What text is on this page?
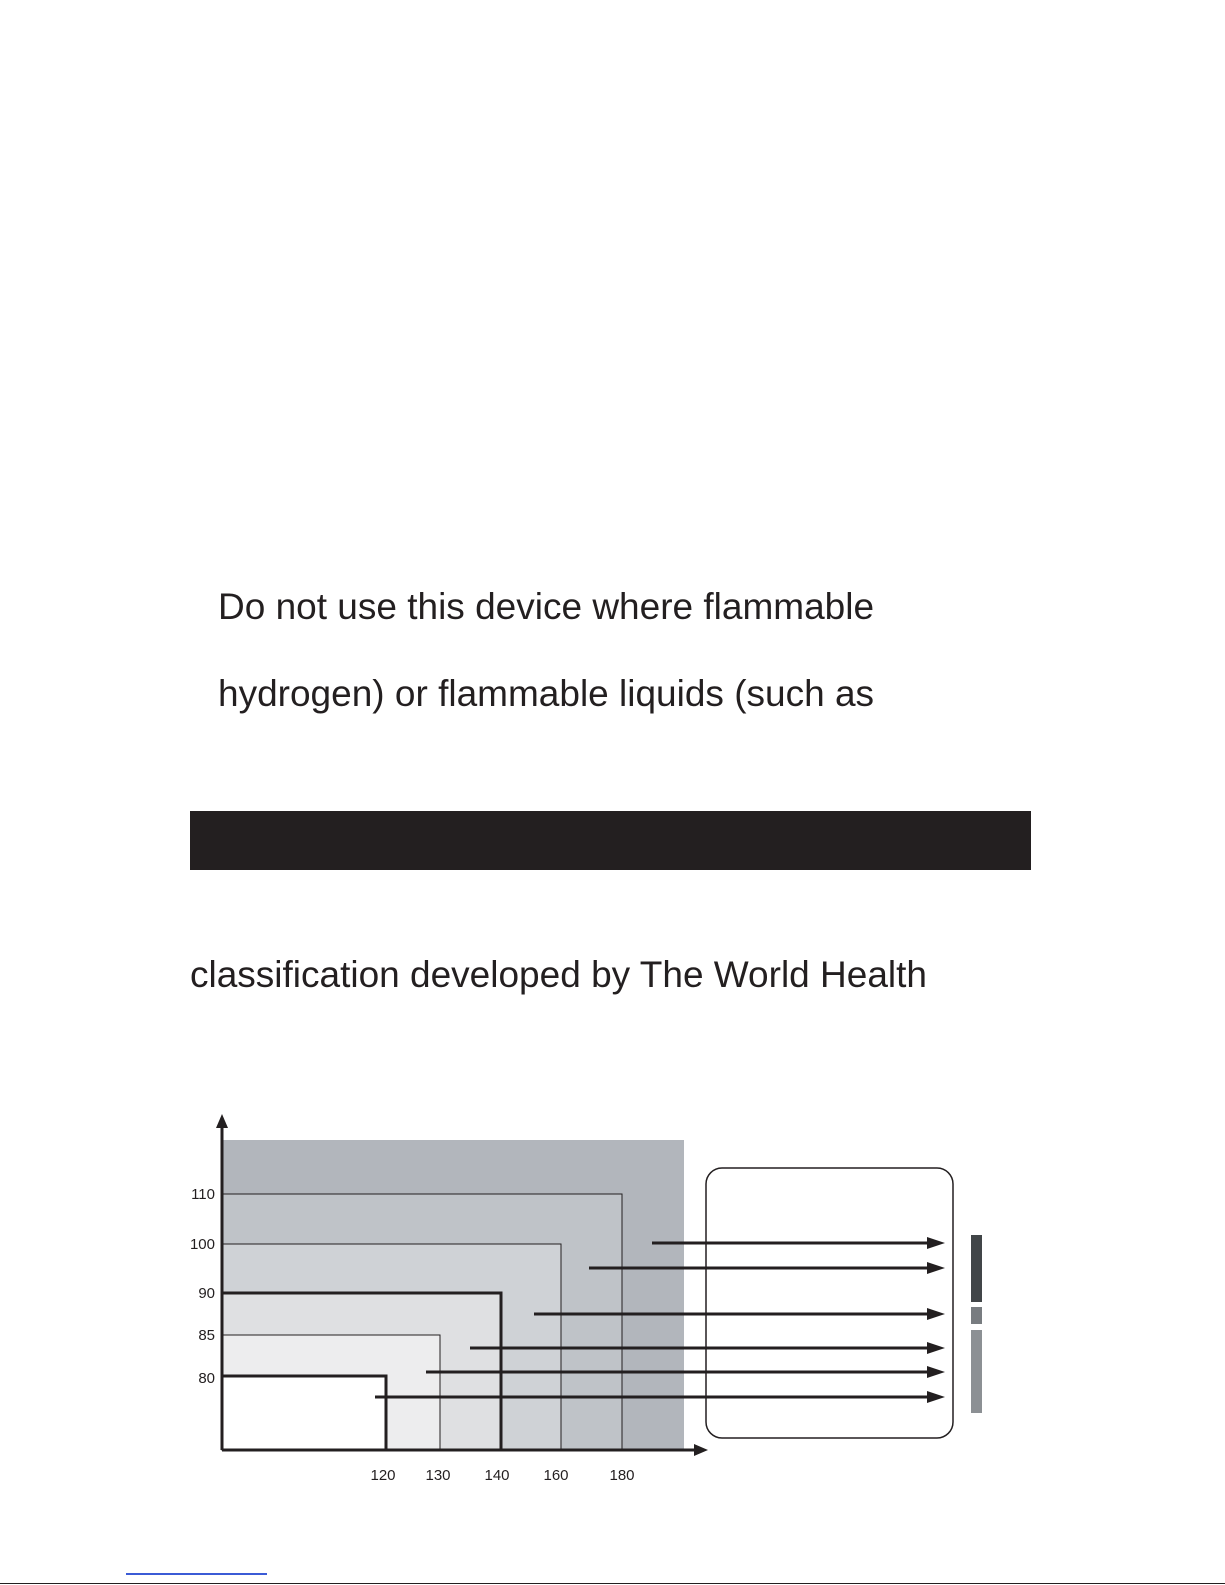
Do not use this device where flammable
hydrogen) or flammable liquids (such as
classification developed by The World Health
110
100
90
85
80
120 130 140 160	180
